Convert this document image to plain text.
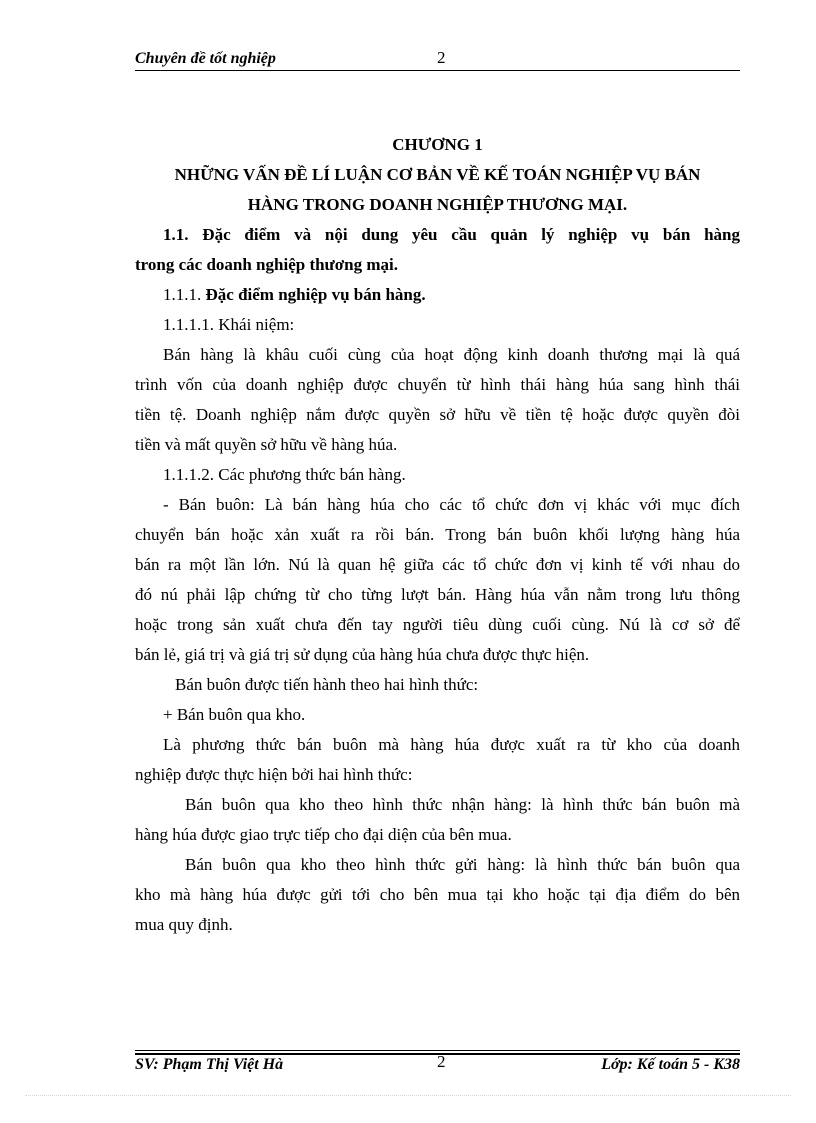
Chuyên đề tốt nghiệp	2
CHƯƠNG 1
NHỮNG VẤN ĐỀ LÍ LUẬN CƠ BẢN VỀ KẾ TOÁN NGHIỆP VỤ BÁN
HÀNG TRONG DOANH NGHIỆP THƯƠNG MẠI.
1.1. Đặc điểm và nội dung yêu cầu quản lý nghiệp vụ bán hàng
trong các doanh nghiệp thương mại.
1.1.1. Đặc điểm nghiệp vụ bán hàng.
1.1.1.1. Khái niệm:
Bán hàng là khâu cuối cùng của hoạt động kinh doanh thương mại là quá
trình vốn của doanh nghiệp được chuyển từ hình thái hàng húa sang hình thái
tiền tệ. Doanh nghiệp nắm được quyền sở hữu về tiền tệ hoặc được quyền đòi
tiền và mất quyền sở hữu về hàng húa.
1.1.1.2. Các phương thức bán hàng.
- Bán buôn: Là bán hàng húa cho các tổ chức đơn vị khác với mục đích
chuyển bán hoặc xản xuất ra rồi bán. Trong bán buôn khối lượng hàng húa
bán ra một lần lớn. Nú là quan hệ giữa các tổ chức đơn vị kinh tế với nhau do
đó nú phải lập chứng từ cho từng lượt bán. Hàng húa vẫn nằm trong lưu thông
hoặc trong sản xuất chưa đến tay người tiêu dùng cuối cùng. Nú là cơ sở để
bán lẻ, giá trị và giá trị sử dụng của hàng húa chưa được thực hiện.
Bán buôn được tiến hành theo hai hình thức:
+ Bán buôn qua kho.
Là phương thức bán buôn mà hàng húa được xuất ra từ kho của doanh
nghiệp được thực hiện bởi hai hình thức:
Bán buôn qua kho theo hình thức nhận hàng: là hình thức bán buôn mà
hàng húa được giao trực tiếp cho đại diện của bên mua.
Bán buôn qua kho theo hình thức gửi hàng: là hình thức bán buôn qua
kho mà hàng húa được gửi tới cho bên mua tại kho hoặc tại địa điểm do bên
mua quy định.
SV: Phạm Thị Việt Hà	2	Lớp: Kế toán 5 - K38
